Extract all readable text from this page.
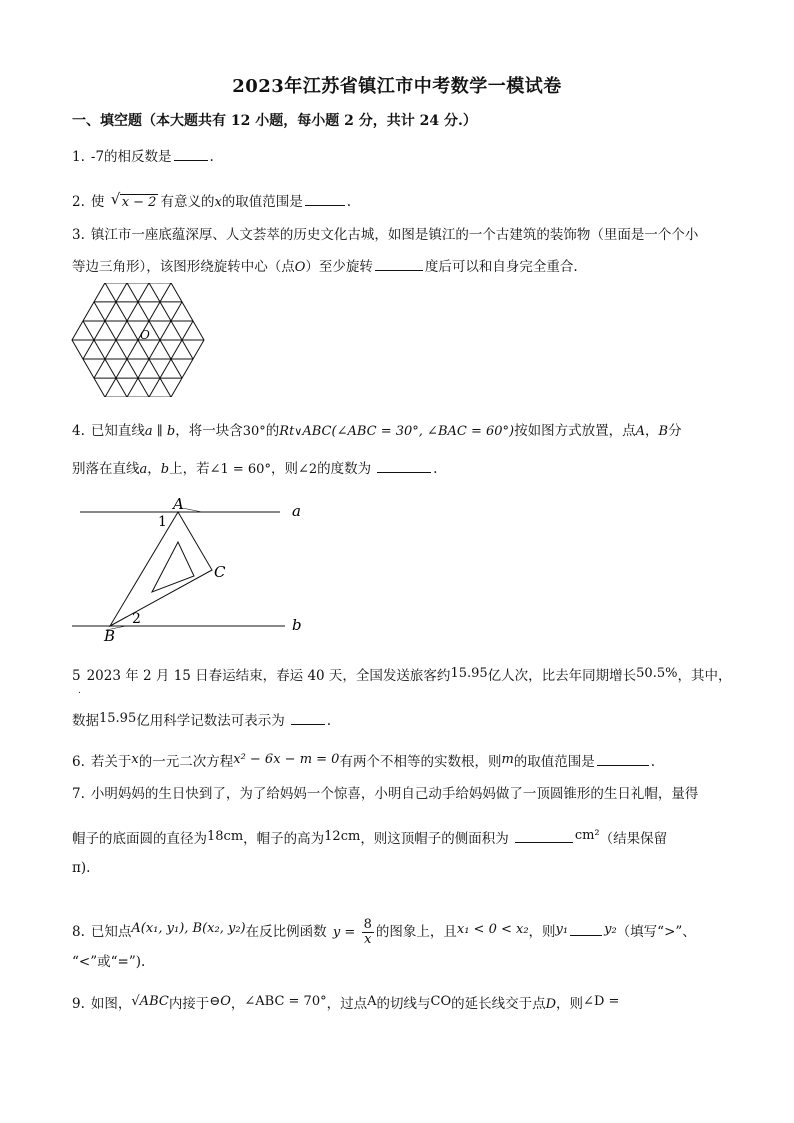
2023年江苏省镇江市中考数学一模试卷
一、填空题（本大题共有 12 小题，每小题 2 分，共计 24 分.）
1. -7的相反数是	.
2. 使 √ x − 2 有意义的x的取值范围是	.
3. 镇江市一座底蕴深厚、人文荟萃的历史文化古城，如图是镇江的一个古建筑的装饰物（里面是一个个小
等边三角形），该图形绕旋转中心（点O）至少旋转	度后可以和自身完全重合.
O
4. 已知直线a ∥ b，将一块含30°的Rt∨ABC(∠ABC = 30°, ∠BAC = 60°)按如图方式放置，点A，B分
别落在直线a，b上，若∠1 = 60°，则∠2的度数为	.
A
B
C
a
b
1
2
5 2023 年 2 月 15 日春运结束，春运 40 天，全国发送旅客约15.95亿人次，比去年同期增长50.5%，其中，
.
数据15.95亿用科学记数法可表示为	.
6. 若关于x的一元二次方程x² − 6x − m = 0有两个不相等的实数根，则m的取值范围是	.
7. 小明妈妈的生日快到了，为了给妈妈一个惊喜，小明自己动手给妈妈做了一顶圆锥形的生日礼帽，量得
帽子的底面圆的直径为18cm，帽子的高为12cm，则这顶帽子的侧面积为	cm²（结果保留
π).
8. 已知点A(x₁, y₁), B(x₂, y₂)在反比例函数 $y = \frac{8}{x}$ 的图象上，且x₁ < 0 < x₂，则y₁	y₂（填写“>”、
“<”或“=”).
9. 如图，√ABC内接于⊖O，∠ABC = 70°，过点A的切线与CO的延长线交于点D，则∠D =
